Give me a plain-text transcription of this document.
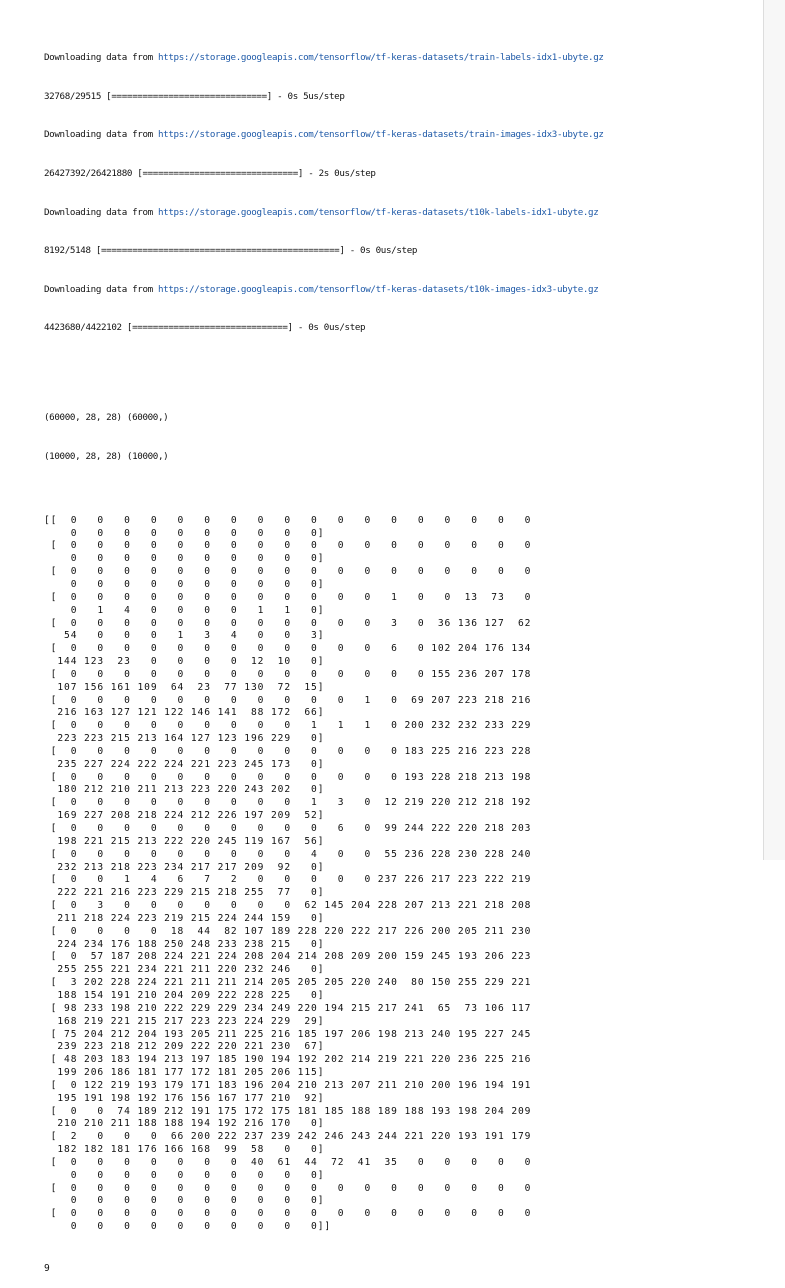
Downloading data from https://storage.googleapis.com/tensorflow/tf-keras-datasets/train-labels-idx1-ubyte.gz

32768/29515 [==============================] - 0s 5us/step

Downloading data from https://storage.googleapis.com/tensorflow/tf-keras-datasets/train-images-idx3-ubyte.gz

26427392/26421880 [==============================] - 2s 0us/step

Downloading data from https://storage.googleapis.com/tensorflow/tf-keras-datasets/t10k-labels-idx1-ubyte.gz

8192/5148 [==============================================] - 0s 0us/step

Downloading data from https://storage.googleapis.com/tensorflow/tf-keras-datasets/t10k-images-idx3-ubyte.gz

4423680/4422102 [==============================] - 0s 0us/step

(60000, 28, 28) (60000,)

(10000, 28, 28) (10000,)

[[  0   0   0   0   0   0   0   0   0   0   0   0   0   0   0   0   0   0
0   0   0   0   0   0   0   0   0   0]
[  0   0   0   0   0   0   0   0   0   0   0   0   0   0   0   0   0   0
0   0   0   0   0   0   0   0   0   0]
[  0   0   0   0   0   0   0   0   0   0   0   0   0   0   0   0   0   0
0   0   0   0   0   0   0   0   0   0]
[  0   0   0   0   0   0   0   0   0   0   0   0   1   0   0  13  73   0
0   1   4   0   0   0   0   1   1   0]
[  0   0   0   0   0   0   0   0   0   0   0   0   3   0  36 136 127  62
54   0   0   0   1   3   4   0   0   3]
[  0   0   0   0   0   0   0   0   0   0   0   0   6   0 102 204 176 134
144 123  23   0   0   0   0  12  10   0]
[  0   0   0   0   0   0   0   0   0   0   0   0   0   0 155 236 207 178
107 156 161 109  64  23  77 130  72  15]
[  0   0   0   0   0   0   0   0   0   0   0   1   0  69 207 223 218 216
216 163 127 121 122 146 141  88 172  66]
[  0   0   0   0   0   0   0   0   0   1   1   1   0 200 232 232 233 229
223 223 215 213 164 127 123 196 229   0]
[  0   0   0   0   0   0   0   0   0   0   0   0   0 183 225 216 223 228
235 227 224 222 224 221 223 245 173   0]
[  0   0   0   0   0   0   0   0   0   0   0   0   0 193 228 218 213 198
180 212 210 211 213 223 220 243 202   0]
[  0   0   0   0   0   0   0   0   0   1   3   0  12 219 220 212 218 192
169 227 208 218 224 212 226 197 209  52]
[  0   0   0   0   0   0   0   0   0   0   6   0  99 244 222 220 218 203
198 221 215 213 222 220 245 119 167  56]
[  0   0   0   0   0   0   0   0   0   4   0   0  55 236 228 230 228 240
232 213 218 223 234 217 217 209  92   0]
[  0   0   1   4   6   7   2   0   0   0   0   0 237 226 217 223 222 219
222 221 216 223 229 215 218 255  77   0]
[  0   3   0   0   0   0   0   0   0  62 145 204 228 207 213 221 218 208
211 218 224 223 219 215 224 244 159   0]
[  0   0   0   0  18  44  82 107 189 228 220 222 217 226 200 205 211 230
224 234 176 188 250 248 233 238 215   0]
[  0  57 187 208 224 221 224 208 204 214 208 209 200 159 245 193 206 223
255 255 221 234 221 211 220 232 246   0]
[  3 202 228 224 221 211 211 214 205 205 205 220 240  80 150 255 229 221
188 154 191 210 204 209 222 228 225   0]
[ 98 233 198 210 222 229 229 234 249 220 194 215 217 241  65  73 106 117
168 219 221 215 217 223 223 224 229  29]
[ 75 204 212 204 193 205 211 225 216 185 197 206 198 213 240 195 227 245
239 223 218 212 209 222 220 221 230  67]
[ 48 203 183 194 213 197 185 190 194 192 202 214 219 221 220 236 225 216
199 206 186 181 177 172 181 205 206 115]
[  0 122 219 193 179 171 183 196 204 210 213 207 211 210 200 196 194 191
195 191 198 192 176 156 167 177 210  92]
[  0   0  74 189 212 191 175 172 175 181 185 188 189 188 193 198 204 209
210 210 211 188 188 194 192 216 170   0]
[  2   0   0   0  66 200 222 237 239 242 246 243 244 221 220 193 191 179
182 182 181 176 166 168  99  58   0   0]
[  0   0   0   0   0   0   0  40  61  44  72  41  35   0   0   0   0   0
0   0   0   0   0   0   0   0   0   0]
[  0   0   0   0   0   0   0   0   0   0   0   0   0   0   0   0   0   0
0   0   0   0   0   0   0   0   0   0]
[  0   0   0   0   0   0   0   0   0   0   0   0   0   0   0   0   0   0
0   0   0   0   0   0   0   0   0   0]]

9
